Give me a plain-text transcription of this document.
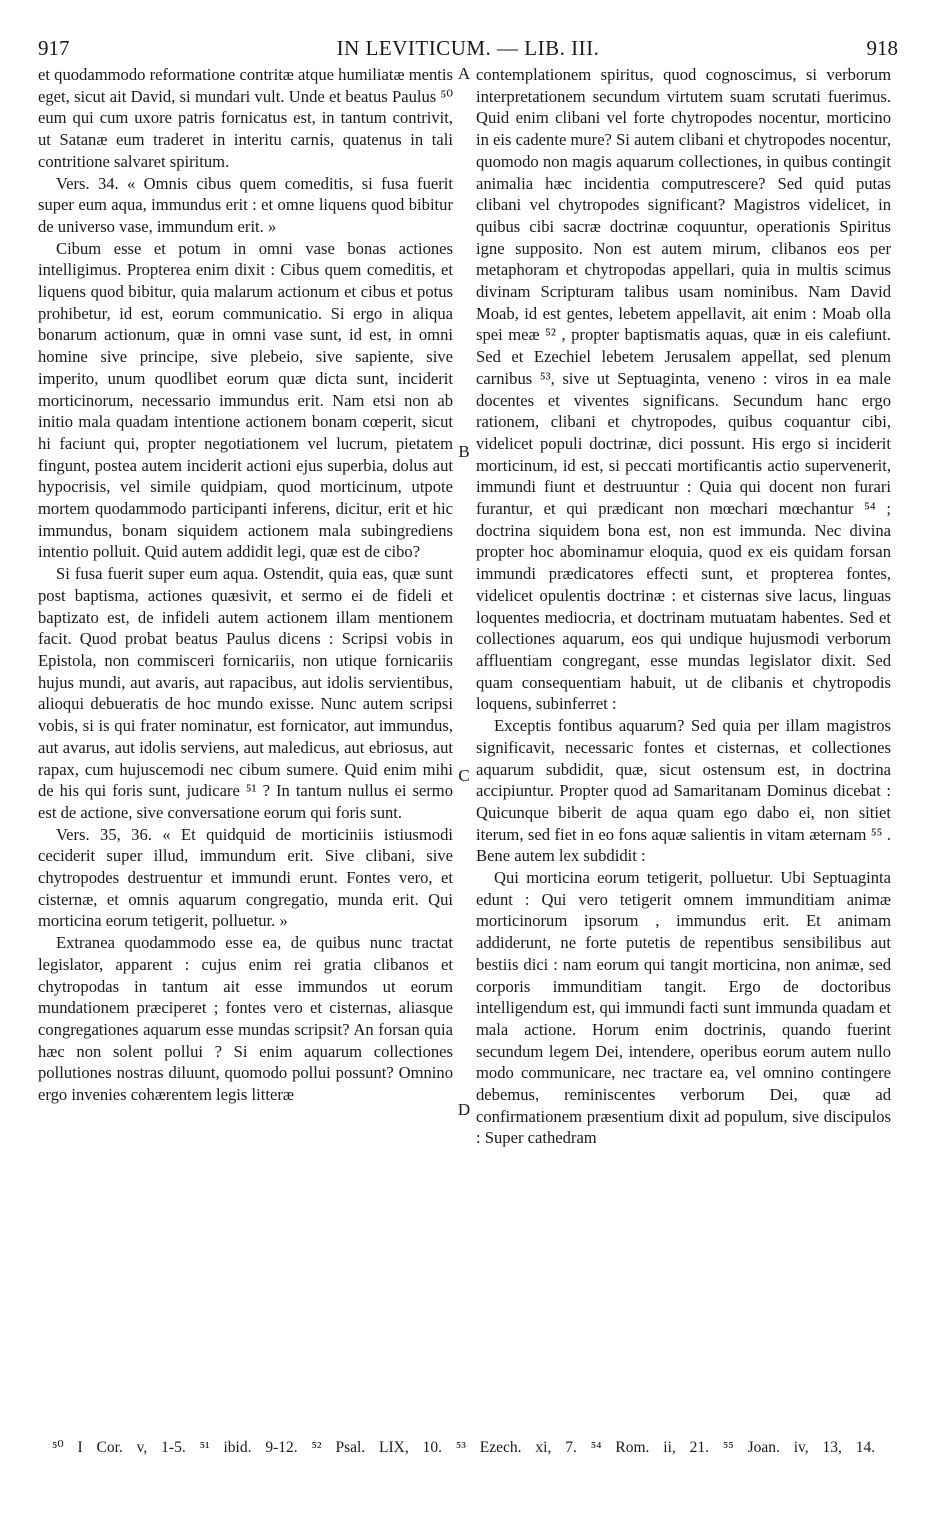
917	IN LEVITICUM. — LIB. III.	918

et quodammodo reformatione contritæ atque humiliatæ mentis eget, sicut ait David, si mundari vult. Unde et beatus Paulus ⁵⁰ eum qui cum uxore patris fornicatus est, in tantum contrivit, ut Satanæ eum traderet in interitu carnis, quatenus in tali contritione salvaret spiritum.

Vers. 34. « Omnis cibus quem comeditis, si fusa fuerit super eum aqua, immundus erit : et omne liquens quod bibitur de universo vase, immundum erit. »

Cibum esse et potum in omni vase bonas actiones intelligimus. Propterea enim dixit : Cibus quem comeditis, et liquens quod bibitur, quia malarum actionum et cibus et potus prohibetur, id est, eorum communicatio. Si ergo in aliqua bonarum actionum, quæ in omni vase sunt, id est, in omni homine sive principe, sive plebeio, sive sapiente, sive imperito, unum quodlibet eorum quæ dicta sunt, inciderit morticinorum, necessario immundus erit. Nam etsi non ab initio mala quadam intentione actionem bonam cœperit, sicut hi faciunt qui, propter negotiationem vel lucrum, pietatem fingunt, postea autem inciderit actioni ejus superbia, dolus aut hypocrisis, vel simile quidpiam, quod morticinum, utpote mortem quodammodo participanti inferens, dicitur, erit et hic immundus, bonam siquidem actionem mala subingrediens intentio polluit. Quid autem addidit legi, quæ est de cibo?

Si fusa fuerit super eum aqua. Ostendit, quia eas, quæ sunt post baptisma, actiones quæsivit, et sermo ei de fideli et baptizato est, de infideli autem actionem illam mentionem facit. Quod probat beatus Paulus dicens : Scripsi vobis in Epistola, non commisceri fornicariis, non utique fornicariis hujus mundi, aut avaris, aut rapacibus, aut idolis servientibus, alioqui debueratis de hoc mundo exisse. Nunc autem scripsi vobis, si is qui frater nominatur, est fornicator, aut immundus, aut avarus, aut idolis serviens, aut maledicus, aut ebriosus, aut rapax, cum hujuscemodi nec cibum sumere. Quid enim mihi de his qui foris sunt, judicare ⁵¹ ? In tantum nullus ei sermo est de actione, sive conversatione eorum qui foris sunt.

Vers. 35, 36. « Et quidquid de morticiniis istiusmodi ceciderit super illud, immundum erit. Sive clibani, sive chytropodes destruentur et immundi erunt. Fontes vero, et cisternæ, et omnis aquarum congregatio, munda erit. Qui morticina eorum tetigerit, polluetur. »

Extranea quodammodo esse ea, de quibus nunc tractat legislator, apparent : cujus enim rei gratia clibanos et chytropodas in tantum ait esse immundos ut eorum mundationem præciperet ; fontes vero et cisternas, aliasque congregationes aquarum esse mundas scripsit? An forsan quia hæc non solent pollui ? Si enim aquarum collectiones pollutiones nostras diluunt, quomodo pollui possunt? Omnino ergo invenies cohærentem legis litteræ

A
B
C
D

contemplationem spiritus, quod cognoscimus, si verborum interpretationem secundum virtutem suam scrutati fuerimus. Quid enim clibani vel forte chytropodes nocentur, morticino in eis cadente mure? Si autem clibani et chytropodes nocentur, quomodo non magis aquarum collectiones, in quibus contingit animalia hæc incidentia computrescere? Sed quid putas clibani vel chytropodes significant? Magistros videlicet, in quibus cibi sacræ doctrinæ coquuntur, operationis Spiritus igne supposito. Non est autem mirum, clibanos eos per metaphoram et chytropodas appellari, quia in multis scimus divinam Scripturam talibus usam nominibus. Nam David Moab, id est gentes, lebetem appellavit, ait enim : Moab olla spei meæ ⁵² , propter baptismatis aquas, quæ in eis calefiunt. Sed et Ezechiel lebetem Jerusalem appellat, sed plenum carnibus ⁵³, sive ut Septuaginta, veneno : viros in ea male docentes et viventes significans. Secundum hanc ergo rationem, clibani et chytropodes, quibus coquantur cibi, videlicet populi doctrinæ, dici possunt. His ergo si inciderit morticinum, id est, si peccati mortificantis actio supervenerit, immundi fiunt et destruuntur : Quia qui docent non furari furantur, et qui prædicant non mœchari mœchantur ⁵⁴ ; doctrina siquidem bona est, non est immunda. Nec divina propter hoc abominamur eloquia, quod ex eis quidam forsan immundi prædicatores effecti sunt, et propterea fontes, videlicet opulentis doctrinæ : et cisternas sive lacus, linguas loquentes mediocria, et doctrinam mutuatam habentes. Sed et collectiones aquarum, eos qui undique hujusmodi verborum affluentiam congregant, esse mundas legislator dixit. Sed quam consequentiam habuit, ut de clibanis et chytropodis loquens, subinferret :

Exceptis fontibus aquarum? Sed quia per illam magistros significavit, necessaric fontes et cisternas, et collectiones aquarum subdidit, quæ, sicut ostensum est, in doctrina accipiuntur. Propter quod ad Samaritanam Dominus dicebat : Quicunque biberit de aqua quam ego dabo ei, non sitiet iterum, sed fiet in eo fons aquæ salientis in vitam æternam ⁵⁵ . Bene autem lex subdidit :

Qui morticina eorum tetigerit, polluetur. Ubi Septuaginta edunt : Qui vero tetigerit omnem immunditiam animæ morticinorum ipsorum , immundus erit. Et animam addiderunt, ne forte putetis de repentibus sensibilibus aut bestiis dici : nam eorum qui tangit morticina, non animæ, sed corporis immunditiam tangit. Ergo de doctoribus intelligendum est, qui immundi facti sunt immunda quadam et mala actione. Horum enim doctrinis, quando fuerint secundum legem Dei, intendere, operibus eorum autem nullo modo communicare, nec tractare ea, vel omnino contingere debemus, reminiscentes verborum Dei, quæ ad confirmationem præsentium dixit ad populum, sive discipulos : Super cathedram

⁵⁰ I Cor. v, 1-5. ⁵¹ ibid. 9-12. ⁵² Psal. LIX, 10. ⁵³ Ezech. xi, 7. ⁵⁴ Rom. ii, 21. ⁵⁵ Joan. iv, 13, 14.
